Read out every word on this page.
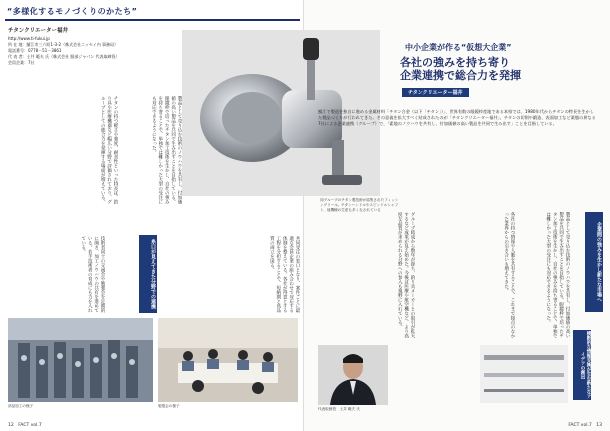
“多様化するモノづくりのかたち”
チタンクリエーター福井
http://www.ti-fukui.jp
所 在 地：鯖江市三六町1-3-2（株式会社ニッセイ内 事務局）
電話番号：0778－51－3861
代 表 者：土井 範夫 氏（株式会社 服部ジャパン 代表取締役）
会員企業：7社
製品として売り込む技術のノウハウを共有し、付加価値の高い製品を共同で生み出すことを目指している。眼鏡枠で培ったチタン加工技術を生かし、自社の強みを持ち寄ることで、単独では難しかった大型の受注にも対応できるようになった。
チタンの持つ軽さや強度、耐食性といった特長は、釣り具や医療機器など幅広い分野で評価されており、グループとしての総合力を発揮する場面が増えている。
共同受注の窓口となり、案件ごとに最適な会員企業の組み合わせで対応する体制を整えている。各社が得意とする工程を分担することで、短納期と高品質の両立を図る。
技術者同士の交流会や勉強会を定期的に開き、加工ノウハウの共有を進めている。若手技術者の育成にも力を入れている。	糸口が見えてきた分野での連携
部品加工の様子	勉強会の様子
12　FACT vol.7
同グループのチタン製技術が結集されたフィッシングリール。チタンハンドルやスピンドルシャフト、他機種の生産も多くなされている
中小企業が作る“仮想大企業”
各社の強みを持ち寄り
企業連携で総合力を発揮
チタンクリエーター福井
鯖江で製造を独自に進める金属材料「チタン合金（以下「チタン」）」、世界有数の眼鏡枠産地である本県では、1980年代からチタンの特長を生かした製品づくりが行われてきた。その意義を拡大すべく結成されたのが「チタンクリエーター福井」。チタンの切削や鍛造、表面加工など業態の異なる7社による企業連携（グループ）で、「素地のノウハウを共有し、付加価値の高い製品を共同で生み出す」ことを目指している。
グループ結成から数年が経ち、釣り具メーカーとの取引が拡大するなど成果が見え始めた。今後は医療や航空機など、より高度な品質が求められる分野への参入も視野に入れている。	各社の持つ情報や人脈を共有することで、これまで接点のなかった業界からの引き合いも増えてきた。	製品として売り込む技術のノウハウを共有し、付加価値の高い製品を共同で生み出すことを目指している。眼鏡枠で培ったチタン加工技術を生かし、自社の強みを持ち寄ることで、単独では難しかった大型の受注にも対応できるようになった。	企業間の強みを生かし新たな市場へ
横断的な情報交換が生む新たなアイデアの創出
代表取締役　土井 範夫 氏
FACT vol.7　13
